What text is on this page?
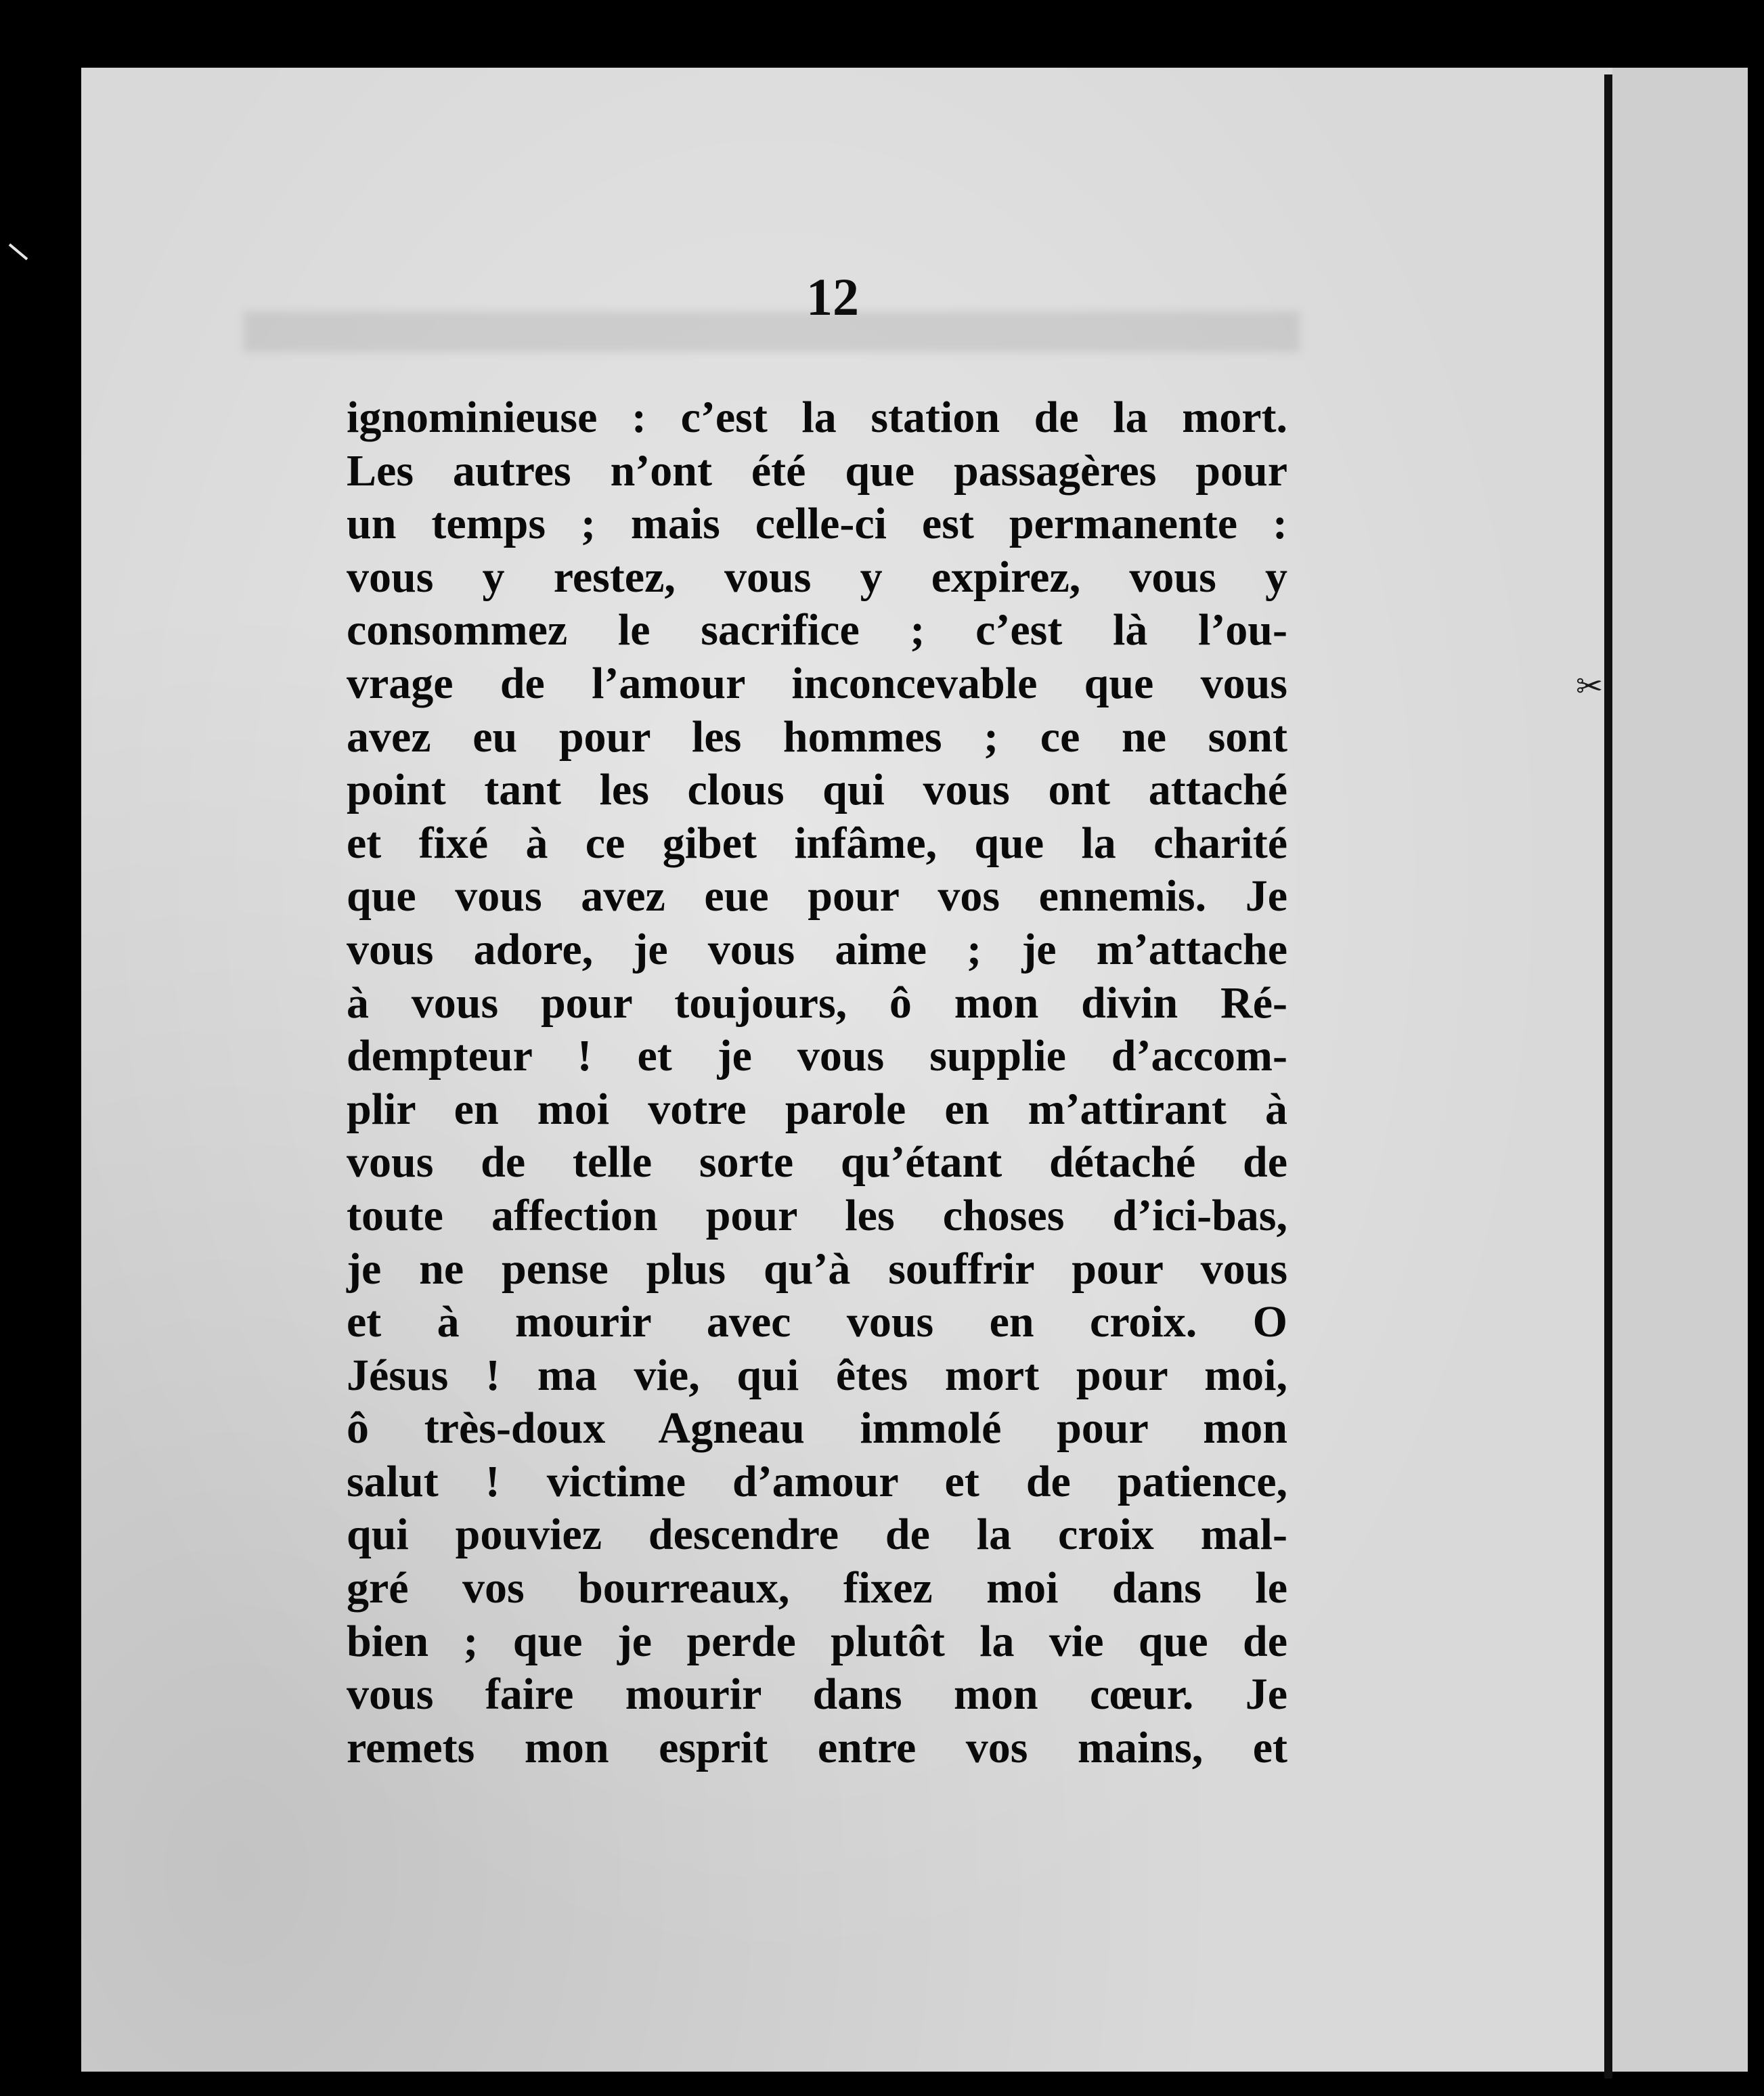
✂
12
ignominieuse : c’est la station de la mort.
Les autres n’ont été que passagères pour
un temps ; mais celle-ci est permanente :
vous y restez, vous y expirez, vous y
consommez le sacrifice ; c’est là l’ou-
vrage de l’amour inconcevable que vous
avez eu pour les hommes ; ce ne sont
point tant les clous qui vous ont attaché
et fixé à ce gibet infâme, que la charité
que vous avez eue pour vos ennemis. Je
vous adore, je vous aime ; je m’attache
à vous pour toujours, ô mon divin Ré-
dempteur ! et je vous supplie d’accom-
plir en moi votre parole en m’attirant à
vous de telle sorte qu’étant détaché de
toute affection pour les choses d’ici-bas,
je ne pense plus qu’à souffrir pour vous
et à mourir avec vous en croix. O
Jésus ! ma vie, qui êtes mort pour moi,
ô très-doux Agneau immolé pour mon
salut ! victime d’amour et de patience,
qui pouviez descendre de la croix mal-
gré vos bourreaux, fixez moi dans le
bien ; que je perde plutôt la vie que de
vous faire mourir dans mon cœur. Je
remets mon esprit entre vos mains, et
